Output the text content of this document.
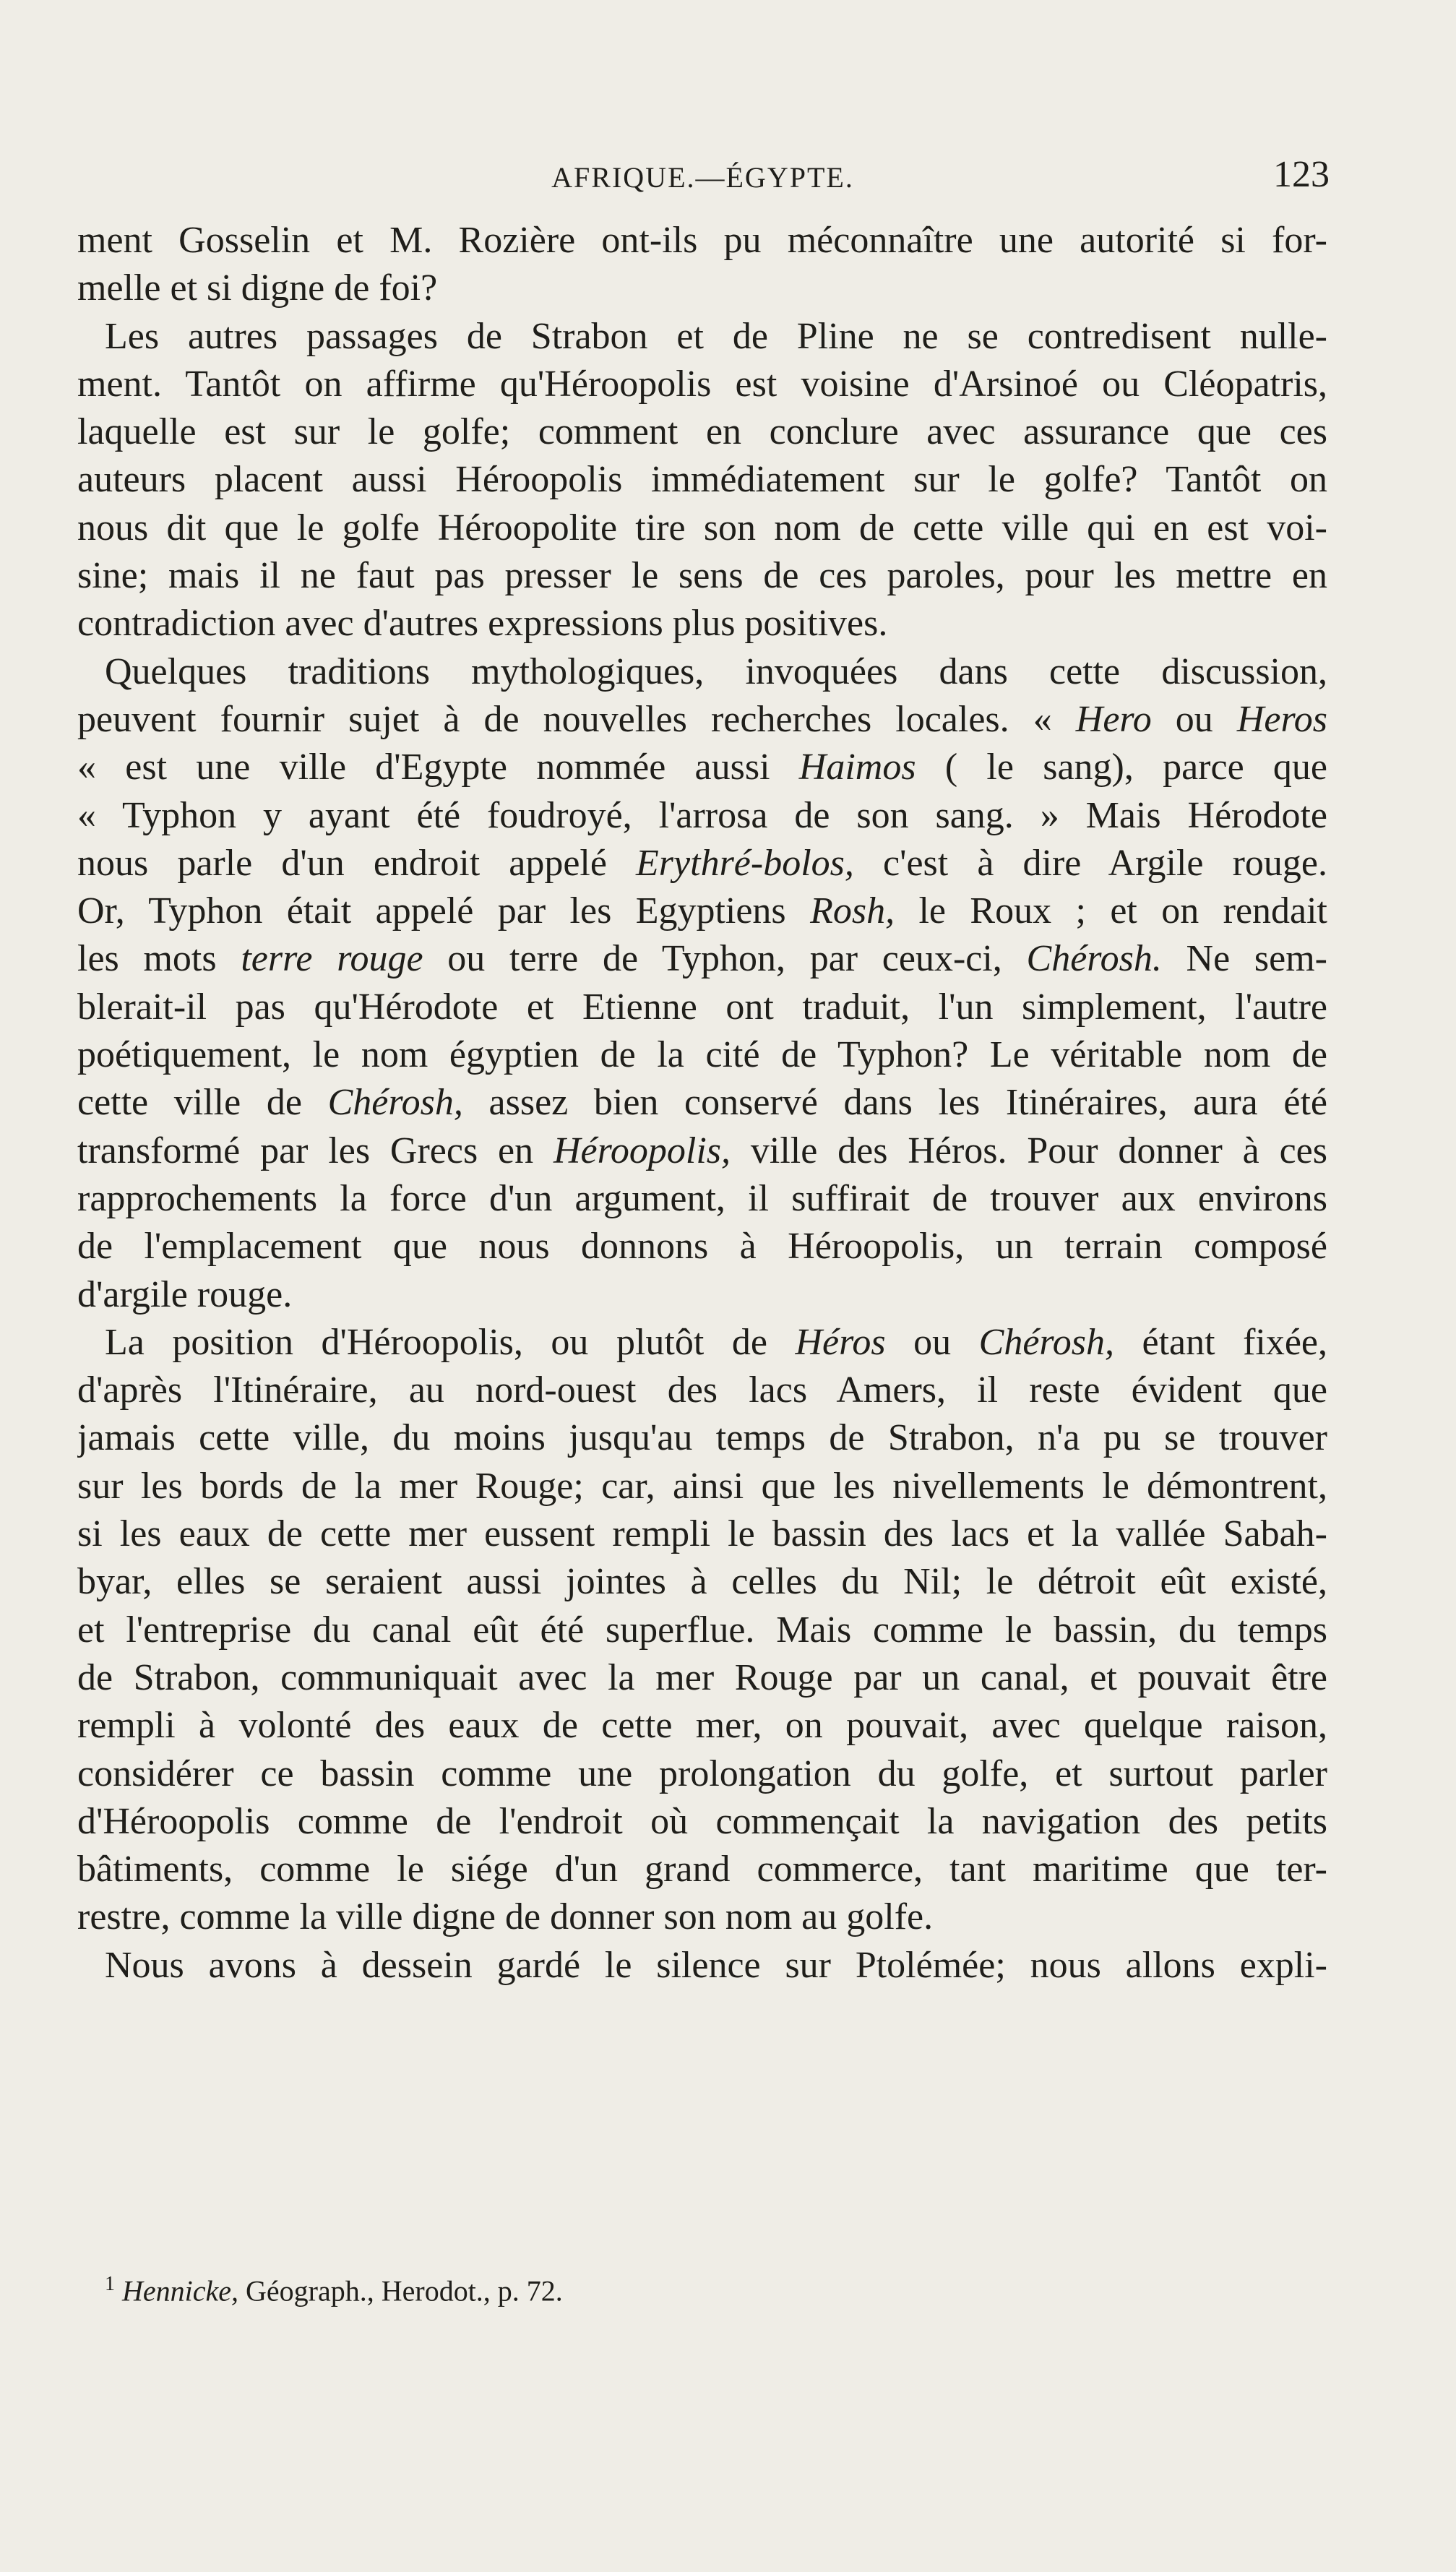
AFRIQUE.—ÉGYPTE.	123
ment Gosselin et M. Rozière ont-ils pu méconnaître une autorité si for-
melle et si digne de foi?
Les autres passages de Strabon et de Pline ne se contredisent nulle-
ment. Tantôt on affirme qu'Héroopolis est voisine d'Arsinoé ou Cléopatris,
laquelle est sur le golfe; comment en conclure avec assurance que ces
auteurs placent aussi Héroopolis immédiatement sur le golfe? Tantôt on
nous dit que le golfe Héroopolite tire son nom de cette ville qui en est voi-
sine; mais il ne faut pas presser le sens de ces paroles, pour les mettre en
contradiction avec d'autres expressions plus positives.
Quelques traditions mythologiques, invoquées dans cette discussion,
peuvent fournir sujet à de nouvelles recherches locales. « Hero ou Heros
« est une ville d'Egypte nommée aussi Haimos ( le sang), parce que
« Typhon y ayant été foudroyé, l'arrosa de son sang. » Mais Hérodote
nous parle d'un endroit appelé Erythré-bolos, c'est à dire Argile rouge.
Or, Typhon était appelé par les Egyptiens Rosh, le Roux ; et on rendait
les mots terre rouge ou terre de Typhon, par ceux-ci, Chérosh. Ne sem-
blerait-il pas qu'Hérodote et Etienne ont traduit, l'un simplement, l'autre
poétiquement, le nom égyptien de la cité de Typhon? Le véritable nom de
cette ville de Chérosh, assez bien conservé dans les Itinéraires, aura été
transformé par les Grecs en Héroopolis, ville des Héros. Pour donner à ces
rapprochements la force d'un argument, il suffirait de trouver aux environs
de l'emplacement que nous donnons à Héroopolis, un terrain composé
d'argile rouge.
La position d'Héroopolis, ou plutôt de Héros ou Chérosh, étant fixée,
d'après l'Itinéraire, au nord-ouest des lacs Amers, il reste évident que
jamais cette ville, du moins jusqu'au temps de Strabon, n'a pu se trouver
sur les bords de la mer Rouge; car, ainsi que les nivellements le démontrent,
si les eaux de cette mer eussent rempli le bassin des lacs et la vallée Sabah-
byar, elles se seraient aussi jointes à celles du Nil; le détroit eût existé,
et l'entreprise du canal eût été superflue. Mais comme le bassin, du temps
de Strabon, communiquait avec la mer Rouge par un canal, et pouvait être
rempli à volonté des eaux de cette mer, on pouvait, avec quelque raison,
considérer ce bassin comme une prolongation du golfe, et surtout parler
d'Héroopolis comme de l'endroit où commençait la navigation des petits
bâtiments, comme le siége d'un grand commerce, tant maritime que ter-
restre, comme la ville digne de donner son nom au golfe.
Nous avons à dessein gardé le silence sur Ptolémée; nous allons expli-
$^1$ Hennicke, Géograph., Herodot., p. 72.
